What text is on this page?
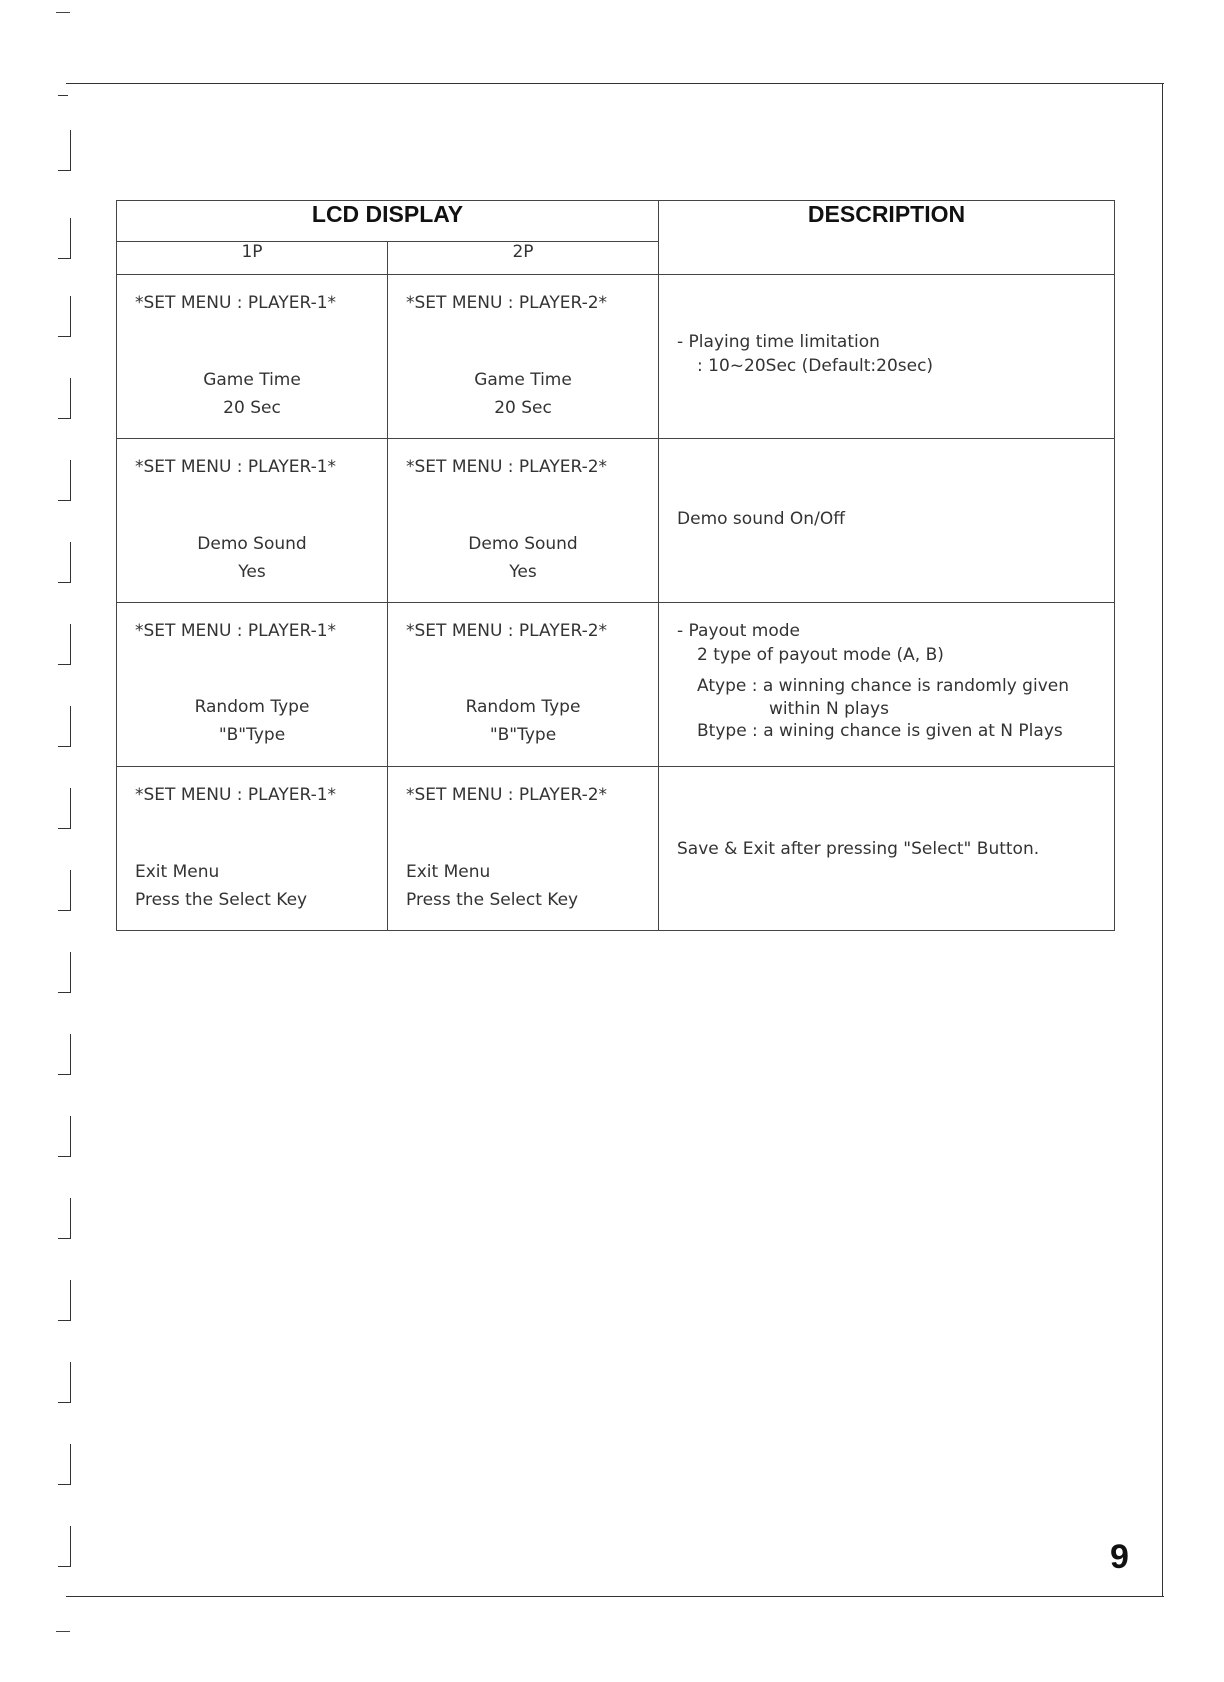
LCD DISPLAY		DESCRIPTION
1P	2P	

*SET MENU : PLAYER-1*
Game Time
20 Sec	*SET MENU : PLAYER-2*
Game Time
20 Sec	- Playing time limitation
: 10~20Sec (Default:20sec)

*SET MENU : PLAYER-1*
Demo Sound
Yes	*SET MENU : PLAYER-2*
Demo Sound
Yes	Demo sound On/Off

*SET MENU : PLAYER-1*
Random Type
"B"Type	*SET MENU : PLAYER-2*
Random Type
"B"Type	- Payout mode
2 type of payout mode (A, B)
Atype : a winning chance is randomly given
within N plays
Btype : a wining chance is given at N Plays

*SET MENU : PLAYER-1*
Exit Menu
Press the Select Key	*SET MENU : PLAYER-2*
Exit Menu
Press the Select Key	Save & Exit after pressing "Select" Button.
9
